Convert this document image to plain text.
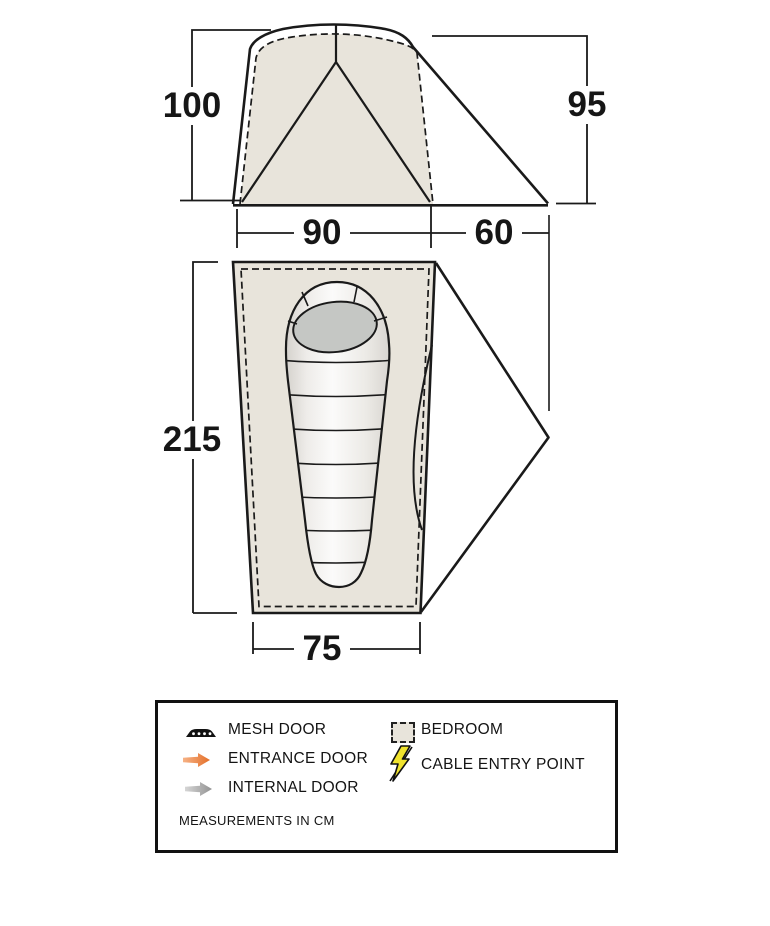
100	95
90	60
215
75
MESH DOOR
ENTRANCE DOOR
INTERNAL DOOR
BEDROOM
CABLE ENTRY POINT
MEASUREMENTS IN CM
